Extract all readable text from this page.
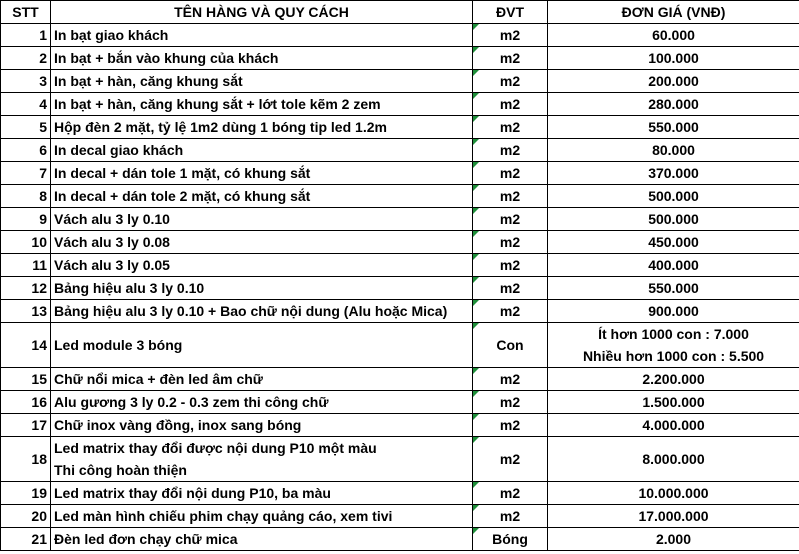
STT	TÊN HÀNG VÀ QUY CÁCH	ĐVT	ĐƠN GIÁ (VNĐ)
1	In bạt giao khách	m2	60.000

2	In bạt + bắn vào khung của khách	m2	100.000

3	In bạt + hàn, căng khung sắt	m2	200.000

4	In bạt + hàn, căng khung sắt + lớt tole kẽm 2 zem	m2	280.000

5	Hộp đèn 2 mặt, tỷ lệ 1m2 dùng 1 bóng tip led 1.2m	m2	550.000

6	In decal giao khách	m2	80.000

7	In decal + dán tole 1 mặt, có khung sắt	m2	370.000

8	In decal + dán tole 2 mặt, có khung sắt	m2	500.000

9	Vách alu 3 ly 0.10	m2	500.000

10	Vách alu 3 ly 0.08	m2	450.000

11	Vách alu 3 ly 0.05	m2	400.000

12	Bảng hiệu alu 3 ly 0.10	m2	550.000

13	Bảng hiệu alu 3 ly 0.10 + Bao chữ nội dung (Alu hoặc Mica)	m2	900.000

14	Led module 3 bóng	Con	Ít hơn 1000 con : 7.000
Nhiều hơn 1000 con : 5.500

15	Chữ nổi mica + đèn led âm chữ	m2	2.200.000

16	Alu gương 3 ly 0.2 - 0.3 zem thi công chữ	m2	1.500.000

17	Chữ inox vàng đồng, inox sang bóng	m2	4.000.000

18	Led matrix thay đổi được nội dung P10 một màu
Thi công hoàn thiện	m2	8.000.000

19	Led matrix thay đổi nội dung P10, ba màu	m2	10.000.000

20	Led màn hình chiếu phim chạy quảng cáo, xem tivi	m2	17.000.000

21	Đèn led đơn chạy chữ mica	Bóng	2.000
